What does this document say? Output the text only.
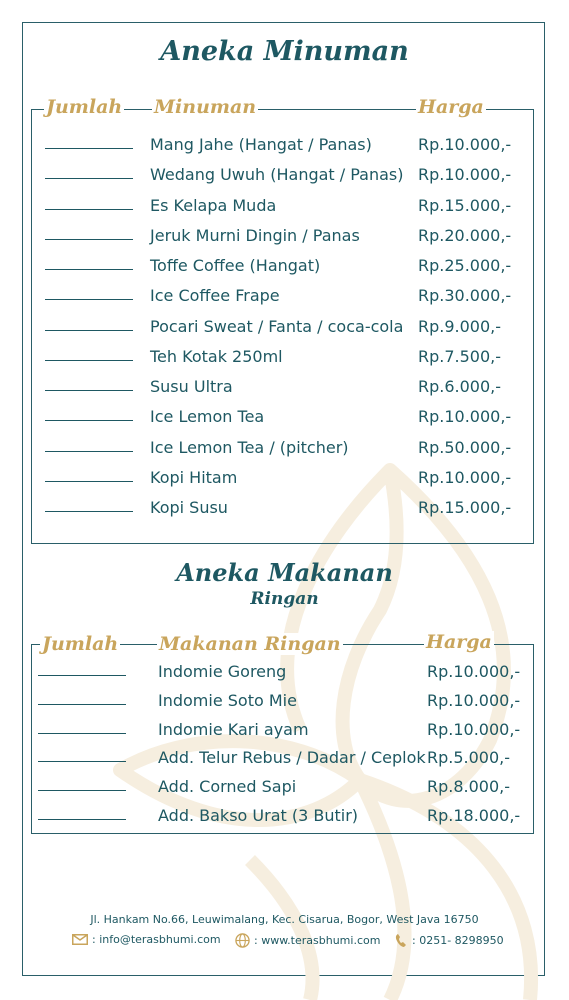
Aneka Minuman
Jumlah Minuman	Harga
Mang Jahe (Hangat / Panas)	Rp.10.000,-
Wedang Uwuh (Hangat / Panas) Rp.10.000,-
Es Kelapa Muda	Rp.15.000,-
Jeruk Murni Dingin / Panas	Rp.20.000,-
Toffe Coffee (Hangat)	Rp.25.000,-
Ice Coffee Frape	Rp.30.000,-
Pocari Sweat / Fanta / coca-cola Rp.9.000,-
Teh Kotak 250ml	Rp.7.500,-
Susu Ultra	Rp.6.000,-
Ice Lemon Tea	Rp.10.000,-
Ice Lemon Tea / (pitcher)	Rp.50.000,-
Kopi Hitam	Rp.10.000,-
Kopi Susu	Rp.15.000,-
Aneka Makanan
Ringan
Jumlah Makanan Ringan	Harga
Indomie Goreng	Rp.10.000,-
Indomie Soto Mie	Rp.10.000,-
Indomie Kari ayam	Rp.10.000,-
Add. Telur Rebus / Dadar / Ceplok Rp.5.000,-
Add. Corned Sapi	Rp.8.000,-
Add. Bakso Urat (3 Butir)	Rp.18.000,-
Jl. Hankam No.66, Leuwimalang, Kec. Cisarua, Bogor, West Java 16750
: info@terasbhumi.com	: www.terasbhumi.com	: 0251- 8298950
